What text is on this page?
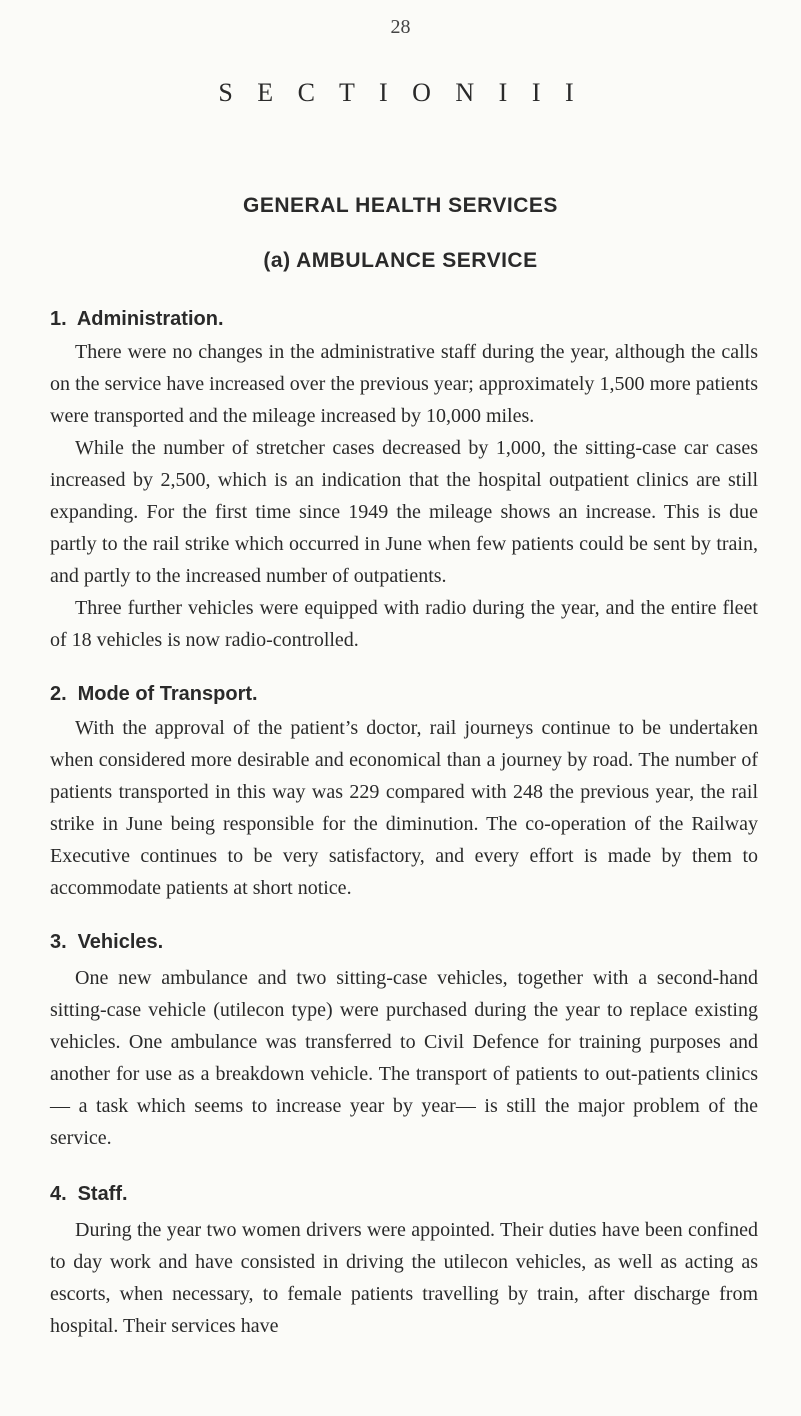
28
S E C T I O N I I I
GENERAL HEALTH SERVICES
(a) AMBULANCE SERVICE
1. Administration.

There were no changes in the administrative staff during the year, although the calls on the service have increased over the previous year; approximately 1,500 more patients were transported and the mileage increased by 10,000 miles.

While the number of stretcher cases decreased by 1,000, the sitting-case car cases increased by 2,500, which is an indication that the hospital outpatient clinics are still expanding. For the first time since 1949 the mileage shows an increase. This is due partly to the rail strike which occurred in June when few patients could be sent by train, and partly to the increased number of outpatients.

Three further vehicles were equipped with radio during the year, and the entire fleet of 18 vehicles is now radio-controlled.

2. Mode of Transport.

With the approval of the patient’s doctor, rail journeys continue to be undertaken when considered more desirable and economical than a journey by road. The number of patients transported in this way was 229 compared with 248 the previous year, the rail strike in June being responsible for the diminution. The co-operation of the Railway Executive continues to be very satisfactory, and every effort is made by them to accommodate patients at short notice.

3. Vehicles.

One new ambulance and two sitting-case vehicles, together with a second-hand sitting-case vehicle (utilecon type) were purchased during the year to replace existing vehicles. One ambulance was transferred to Civil Defence for training purposes and another for use as a breakdown vehicle. The transport of patients to out-patients clinics — a task which seems to increase year by year— is still the major problem of the service.

4. Staff.

During the year two women drivers were appointed. Their duties have been confined to day work and have consisted in driving the utilecon vehicles, as well as acting as escorts, when necessary, to female patients travelling by train, after discharge from hospital. Their services have
